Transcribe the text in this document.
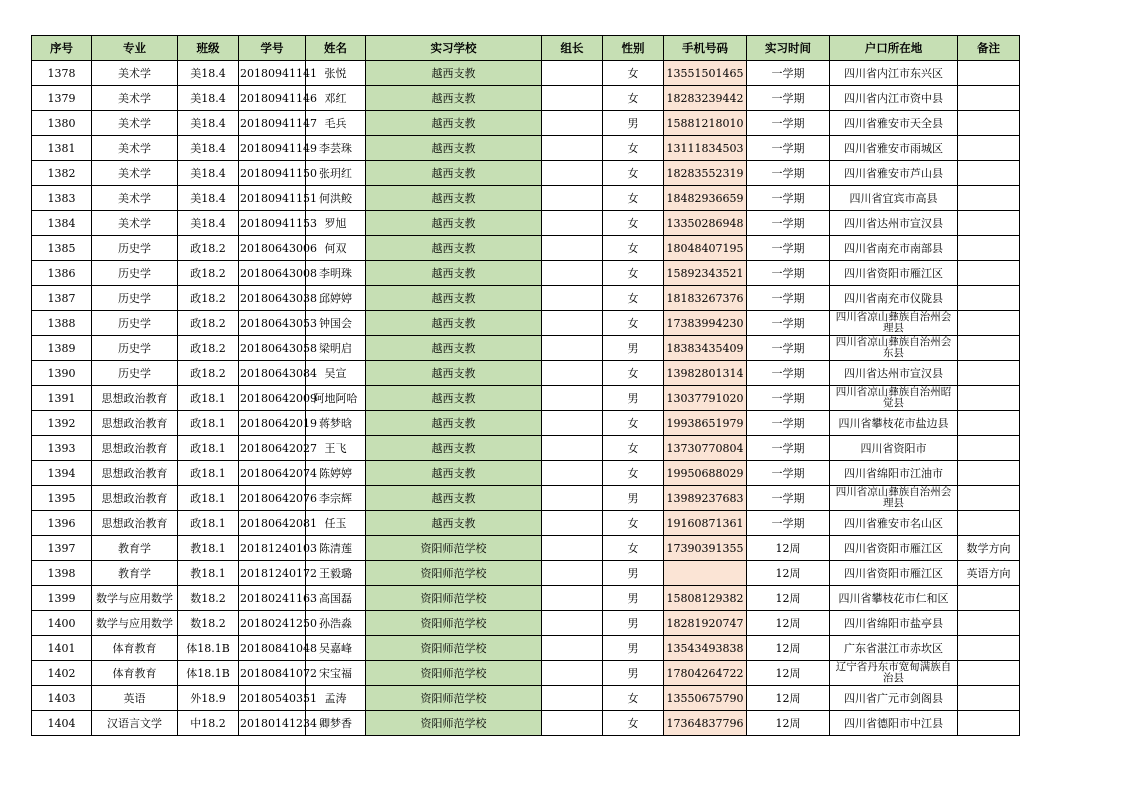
序号	专业	班级	学号	姓名	实习学校	组长	性别	手机号码	实习时间	户口所在地	备注
1378	美术学	美18.4	20180941141	张悦	越西支教		女	13551501465	一学期	四川省内江市东兴区	
1379	美术学	美18.4	20180941146	邓红	越西支教		女	18283239442	一学期	四川省内江市资中县	
1380	美术学	美18.4	20180941147	毛兵	越西支教		男	15881218010	一学期	四川省雅安市天全县	
1381	美术学	美18.4	20180941149	李芸珠	越西支教		女	13111834503	一学期	四川省雅安市雨城区	
1382	美术学	美18.4	20180941150	张玥红	越西支教		女	18283552319	一学期	四川省雅安市芦山县	
1383	美术学	美18.4	20180941151	何洪鲛	越西支教		女	18482936659	一学期	四川省宜宾市高县	
1384	美术学	美18.4	20180941153	罗旭	越西支教		女	13350286948	一学期	四川省达州市宣汉县	
1385	历史学	政18.2	20180643006	何双	越西支教		女	18048407195	一学期	四川省南充市南部县	
1386	历史学	政18.2	20180643008	李明珠	越西支教		女	15892343521	一学期	四川省资阳市雁江区	
1387	历史学	政18.2	20180643038	邱婷婷	越西支教		女	18183267376	一学期	四川省南充市仪陇县	
1388	历史学	政18.2	20180643053	钟国会	越西支教		女	17383994230	一学期	四川省凉山彝族自治州会理县	
1389	历史学	政18.2	20180643058	梁明启	越西支教		男	18383435409	一学期	四川省凉山彝族自治州会东县	
1390	历史学	政18.2	20180643084	吴宣	越西支教		女	13982801314	一学期	四川省达州市宣汉县	
1391	思想政治教育	政18.1	20180642009	阿地阿哈	越西支教		男	13037791020	一学期	四川省凉山彝族自治州昭觉县	
1392	思想政治教育	政18.1	20180642019	蒋梦晗	越西支教		女	19938651979	一学期	四川省攀枝花市盐边县	
1393	思想政治教育	政18.1	20180642027	王飞	越西支教		女	13730770804	一学期	四川省资阳市	
1394	思想政治教育	政18.1	20180642074	陈婷婷	越西支教		女	19950688029	一学期	四川省绵阳市江油市	
1395	思想政治教育	政18.1	20180642076	李宗辉	越西支教		男	13989237683	一学期	四川省凉山彝族自治州会理县	
1396	思想政治教育	政18.1	20180642081	任玉	越西支教		女	19160871361	一学期	四川省雅安市名山区	
1397	教育学	教18.1	20181240103	陈清莲	资阳师范学校		女	17390391355	12周	四川省资阳市雁江区	数学方向
1398	教育学	教18.1	20181240172	王毅璐	资阳师范学校		男		12周	四川省资阳市雁江区	英语方向
1399	数学与应用数学	数18.2	20180241163	高国磊	资阳师范学校		男	15808129382	12周	四川省攀枝花市仁和区	
1400	数学与应用数学	数18.2	20180241250	孙浩淼	资阳师范学校		男	18281920747	12周	四川省绵阳市盐亭县	
1401	体育教育	体18.1B	20180841048	吴嘉峰	资阳师范学校		男	13543493838	12周	广东省湛江市赤坎区	
1402	体育教育	体18.1B	20180841072	宋宝福	资阳师范学校		男	17804264722	12周	辽宁省丹东市宽甸满族自治县	
1403	英语	外18.9	20180540351	孟涛	资阳师范学校		女	13550675790	12周	四川省广元市剑阁县	
1404	汉语言文学	中18.2	20180141234	卿梦香	资阳师范学校		女	17364837796	12周	四川省德阳市中江县	
